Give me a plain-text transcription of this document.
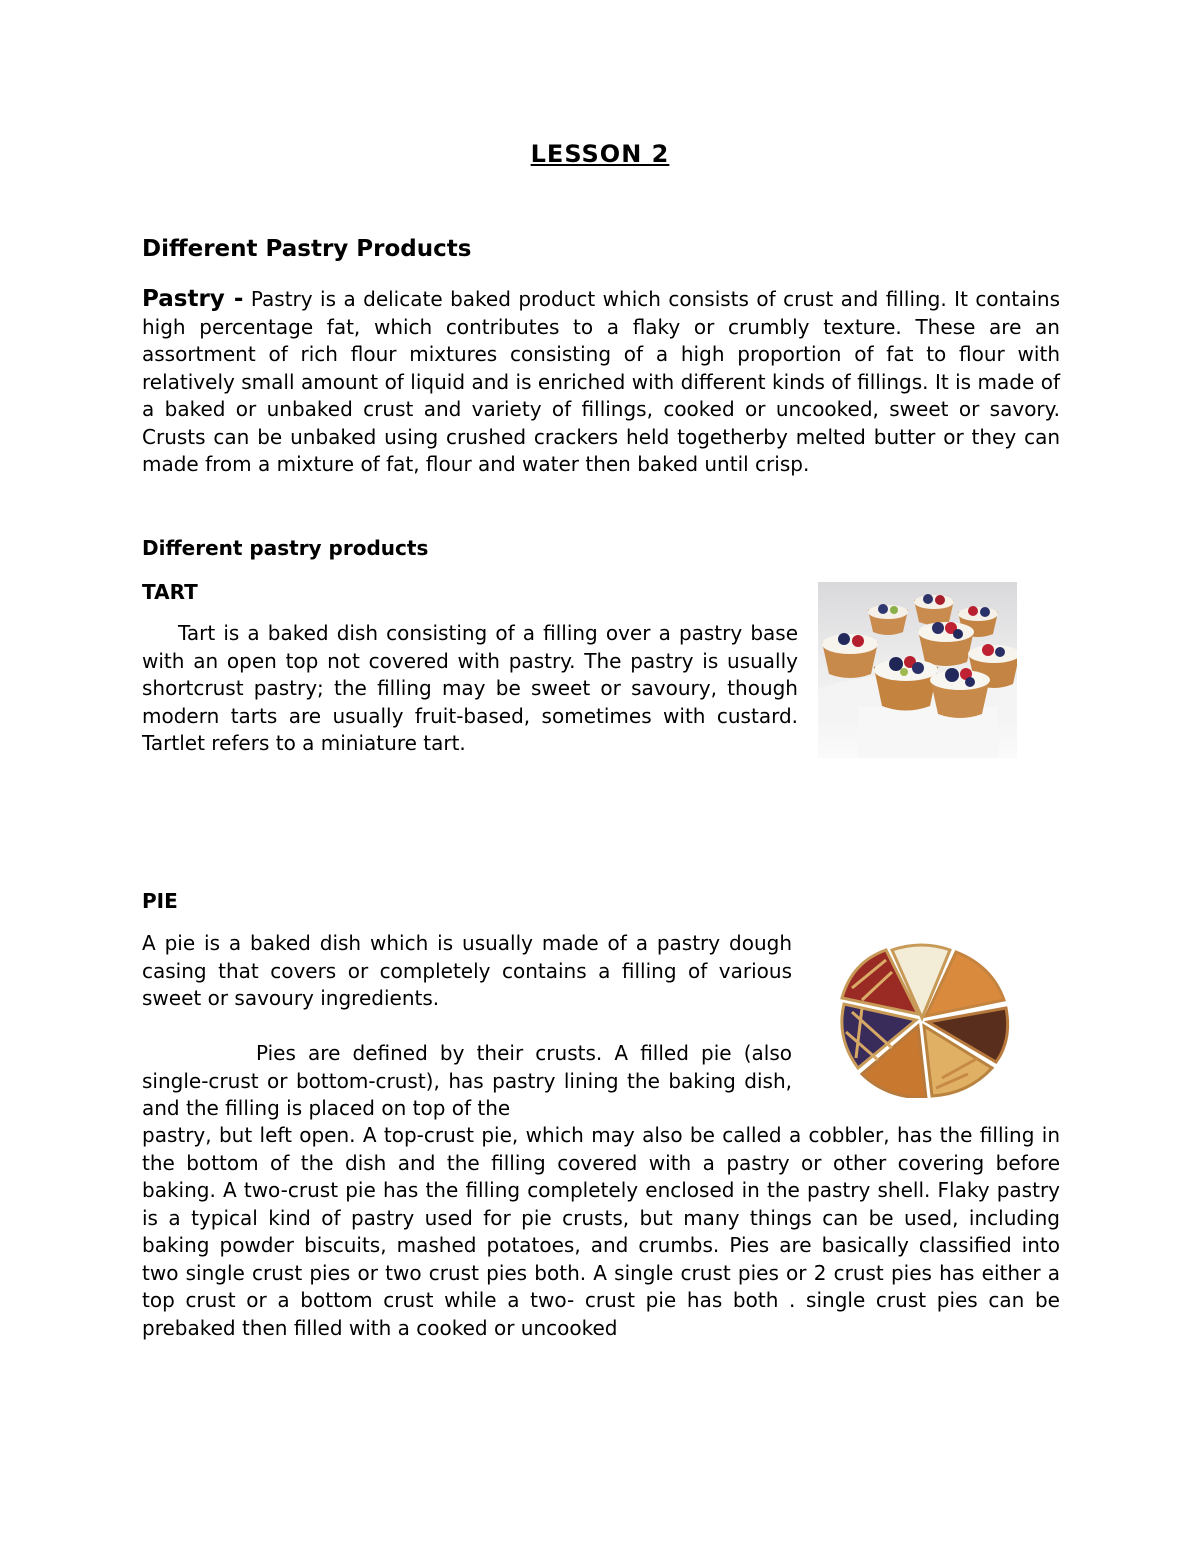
LESSON 2
Different Pastry Products

Pastry - Pastry is a delicate baked product which consists of crust and filling. It contains high percentage fat, which contributes to a flaky or crumbly texture. These are an assortment of rich flour mixtures consisting of a high proportion of fat to flour with relatively small amount of liquid and is enriched with different kinds of fillings. It is made of a baked or unbaked crust and variety of fillings, cooked or uncooked, sweet or savory. Crusts can be unbaked using crushed crackers held togetherby melted butter or they can made from a mixture of fat, flour and water then baked until crisp.

Different pastry products
TART

Tart is a baked dish consisting of a filling over a pastry base with an open top not covered with pastry. The pastry is usually shortcrust pastry; the filling may be sweet or savoury, though modern tarts are usually fruit-based, sometimes with custard. Tartlet refers to a miniature tart.

PIE

A pie is a baked dish which is usually made of a pastry dough casing that covers or completely contains a filling of various sweet or savoury ingredients.

Pies are defined by their crusts. A filled pie (also single-crust or bottom-crust), has pastry lining the baking dish, and the filling is placed on top of the

pastry, but left open. A top-crust pie, which may also be called a cobbler, has the filling in the bottom of the dish and the filling covered with a pastry or other covering before baking. A two-crust pie has the filling completely enclosed in the pastry shell. Flaky pastry is a typical kind of pastry used for pie crusts, but many things can be used, including baking powder biscuits, mashed potatoes, and crumbs. Pies are basically classified into two single crust pies or two crust pies both. A single crust pies or 2 crust pies has either a top crust or a bottom crust while a two- crust pie has both . single crust pies can be prebaked then filled with a cooked or uncooked
